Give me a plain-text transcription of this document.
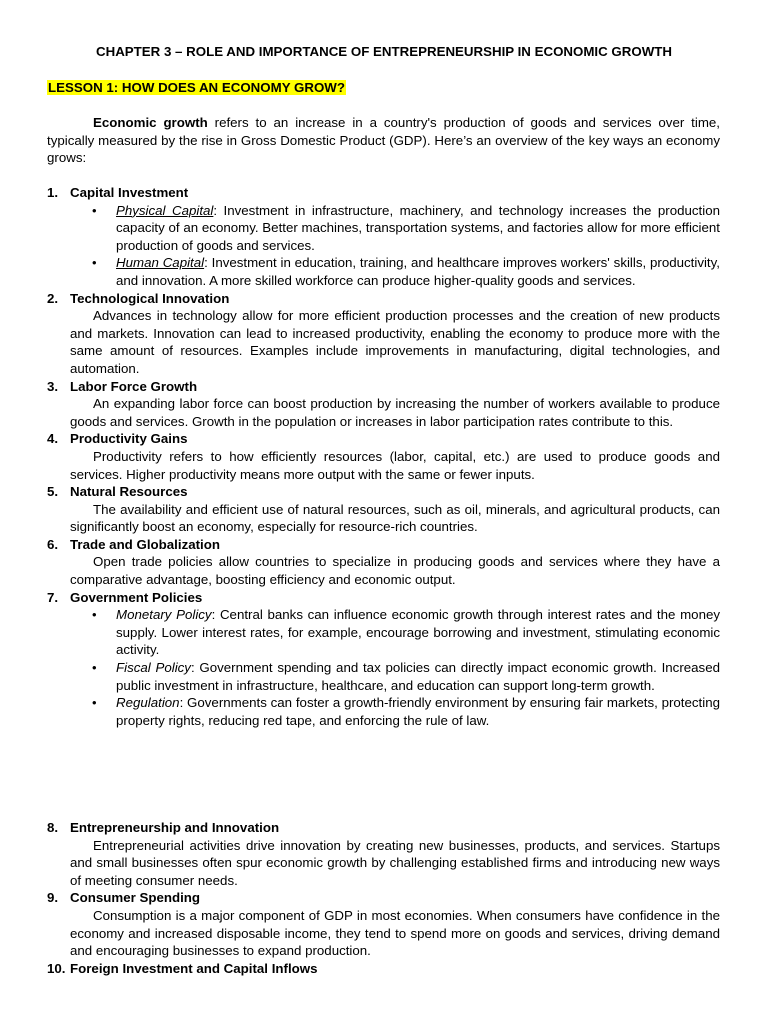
CHAPTER 3 – ROLE AND IMPORTANCE OF ENTREPRENEURSHIP IN ECONOMIC GROWTH
LESSON 1: HOW DOES AN ECONOMY GROW?

Economic growth refers to an increase in a country's production of goods and services over time, typically measured by the rise in Gross Domestic Product (GDP). Here’s an overview of the key ways an economy grows:

1. Capital Investment
• Physical Capital: Investment in infrastructure, machinery, and technology increases the production capacity of an economy. Better machines, transportation systems, and factories allow for more efficient production of goods and services.
• Human Capital: Investment in education, training, and healthcare improves workers' skills, productivity, and innovation. A more skilled workforce can produce higher-quality goods and services.
2. Technological Innovation

Advances in technology allow for more efficient production processes and the creation of new products and markets. Innovation can lead to increased productivity, enabling the economy to produce more with the same amount of resources. Examples include improvements in manufacturing, digital technologies, and automation.

3. Labor Force Growth

An expanding labor force can boost production by increasing the number of workers available to produce goods and services. Growth in the population or increases in labor participation rates contribute to this.

4. Productivity Gains

Productivity refers to how efficiently resources (labor, capital, etc.) are used to produce goods and services. Higher productivity means more output with the same or fewer inputs.

5. Natural Resources

The availability and efficient use of natural resources, such as oil, minerals, and agricultural products, can significantly boost an economy, especially for resource-rich countries.

6. Trade and Globalization

Open trade policies allow countries to specialize in producing goods and services where they have a comparative advantage, boosting efficiency and economic output.

7. Government Policies
• Monetary Policy: Central banks can influence economic growth through interest rates and the money supply. Lower interest rates, for example, encourage borrowing and investment, stimulating economic activity.
• Fiscal Policy: Government spending and tax policies can directly impact economic growth. Increased public investment in infrastructure, healthcare, and education can support long-term growth.
• Regulation: Governments can foster a growth-friendly environment by ensuring fair markets, protecting property rights, reducing red tape, and enforcing the rule of law.
8. Entrepreneurship and Innovation

Entrepreneurial activities drive innovation by creating new businesses, products, and services. Startups and small businesses often spur economic growth by challenging established firms and introducing new ways of meeting consumer needs.

9. Consumer Spending

Consumption is a major component of GDP in most economies. When consumers have confidence in the economy and increased disposable income, they tend to spend more on goods and services, driving demand and encouraging businesses to expand production.

10. Foreign Investment and Capital Inflows
